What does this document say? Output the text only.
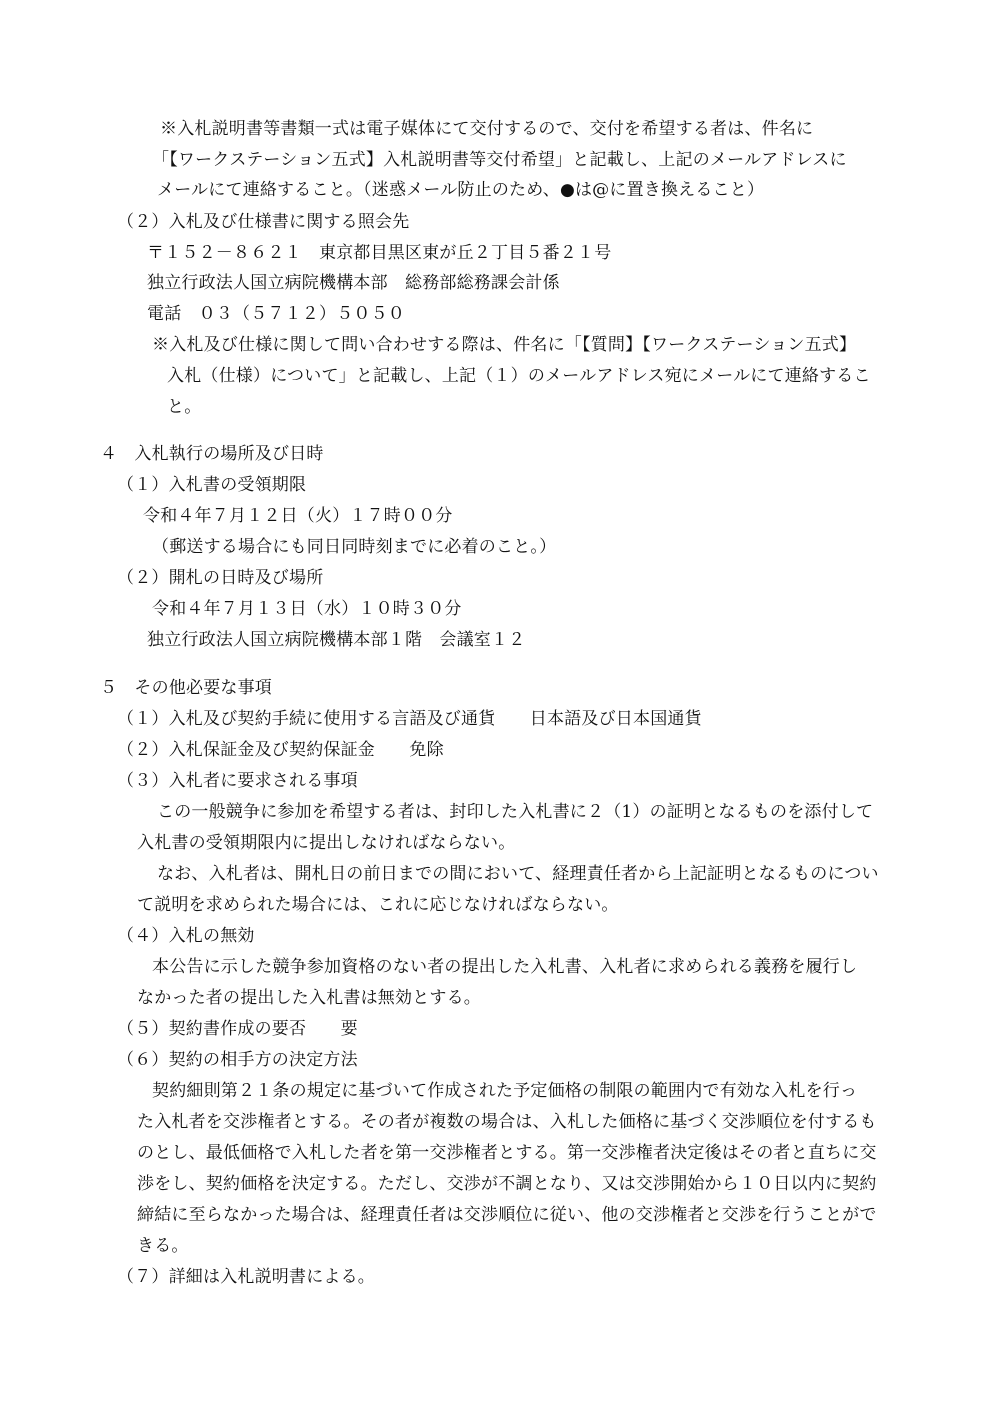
※入札説明書等書類一式は電子媒体にて交付するので、交付を希望する者は、件名に
「【ワークステーション五式】入札説明書等交付希望」と記載し、上記のメールアドレスに
メールにて連絡すること。（迷惑メール防止のため、●は@に置き換えること）
（２）入札及び仕様書に関する照会先
〒１５２－８６２１　東京都目黒区東が丘２丁目５番２１号
独立行政法人国立病院機構本部　総務部総務課会計係
電話　０３（５７１２）５０５０
※入札及び仕様に関して問い合わせする際は、件名に「【質問】【ワークステーション五式】
入札（仕様）について」と記載し、上記（１）のメールアドレス宛にメールにて連絡するこ
と。
４　入札執行の場所及び日時
（１）入札書の受領期限
令和４年７月１２日（火）１７時００分
（郵送する場合にも同日同時刻までに必着のこと。）
（２）開札の日時及び場所
令和４年７月１３日（水）１０時３０分
独立行政法人国立病院機構本部１階　会議室１２
５　その他必要な事項
（１）入札及び契約手続に使用する言語及び通貨　　日本語及び日本国通貨
（２）入札保証金及び契約保証金　　免除
（３）入札者に要求される事項
この一般競争に参加を希望する者は、封印した入札書に２（1）の証明となるものを添付して
入札書の受領期限内に提出しなければならない。
なお、入札者は、開札日の前日までの間において、経理責任者から上記証明となるものについ
て説明を求められた場合には、これに応じなければならない。
（４）入札の無効
本公告に示した競争参加資格のない者の提出した入札書、入札者に求められる義務を履行し
なかった者の提出した入札書は無効とする。
（５）契約書作成の要否　　要
（６）契約の相手方の決定方法
契約細則第２１条の規定に基づいて作成された予定価格の制限の範囲内で有効な入札を行っ
た入札者を交渉権者とする。その者が複数の場合は、入札した価格に基づく交渉順位を付するも
のとし、最低価格で入札した者を第一交渉権者とする。第一交渉権者決定後はその者と直ちに交
渉をし、契約価格を決定する。ただし、交渉が不調となり、又は交渉開始から１０日以内に契約
締結に至らなかった場合は、経理責任者は交渉順位に従い、他の交渉権者と交渉を行うことがで
きる。
（７）詳細は入札説明書による。
